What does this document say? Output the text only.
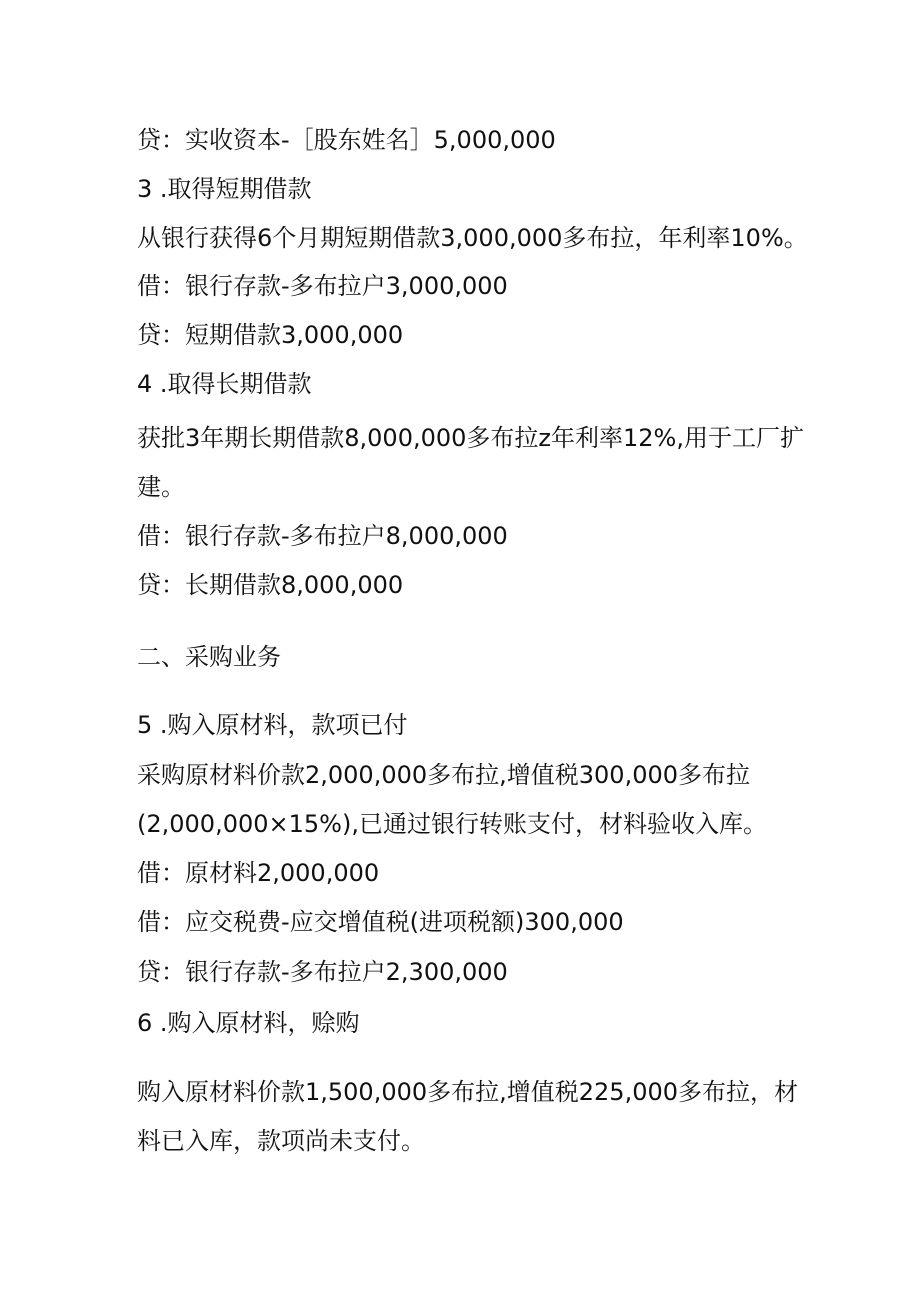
贷：实收资本-［股东姓名］5,000,000
3 .取得短期借款
从银行获得6个月期短期借款3,000,000多布拉，年利率10%。
借：银行存款-多布拉户3,000,000
贷：短期借款3,000,000
4 .取得长期借款
获批3年期长期借款8,000,000多布拉z年利率12%,用于工厂扩
建。
借：银行存款-多布拉户8,000,000
贷：长期借款8,000,000
二、采购业务
5 .购入原材料，款项已付
采购原材料价款2,000,000多布拉,增值税300,000多布拉
(2,000,000×15%),已通过银行转账支付，材料验收入库。
借：原材料2,000,000
借：应交税费-应交增值税(进项税额)300,000
贷：银行存款-多布拉户2,300,000
6 .购入原材料，赊购
购入原材料价款1,500,000多布拉,增值税225,000多布拉，材
料已入库，款项尚未支付。
